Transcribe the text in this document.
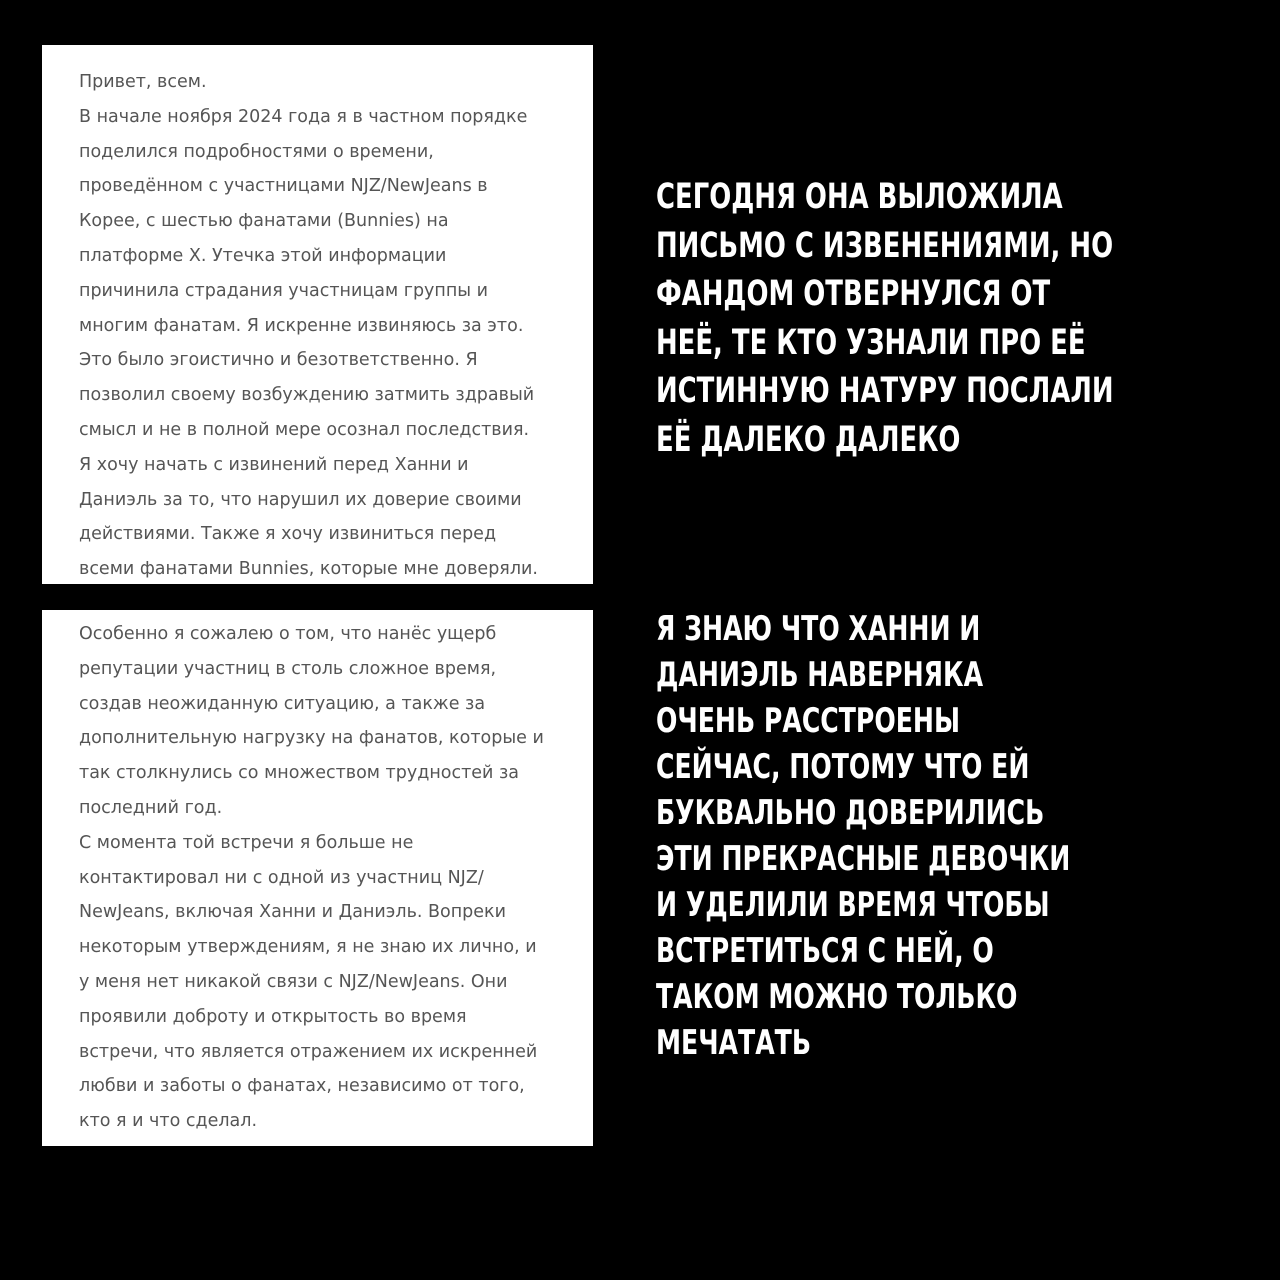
Привет, всем.
В начале ноября 2024 года я в частном порядке
поделился подробностями о времени,
проведённом с участницами NJZ/NewJeans в
Корее, с шестью фанатами (Bunnies) на
платформе X. Утечка этой информации
причинила страдания участницам группы и
многим фанатам. Я искренне извиняюсь за это.
Это было эгоистично и безответственно. Я
позволил своему возбуждению затмить здравый
смысл и не в полной мере осознал последствия.
Я хочу начать с извинений перед Ханни и
Даниэль за то, что нарушил их доверие своими
действиями. Также я хочу извиниться перед
всеми фанатами Bunnies, которые мне доверяли.
Особенно я сожалею о том, что нанёс ущерб
репутации участниц в столь сложное время,
создав неожиданную ситуацию, а также за
дополнительную нагрузку на фанатов, которые и
так столкнулись со множеством трудностей за
последний год.
С момента той встречи я больше не
контактировал ни с одной из участниц NJZ/
NewJeans, включая Ханни и Даниэль. Вопреки
некоторым утверждениям, я не знаю их лично, и
у меня нет никакой связи с NJZ/NewJeans. Они
проявили доброту и открытость во время
встречи, что является отражением их искренней
любви и заботы о фанатах, независимо от того,
кто я и что сделал.
СЕГОДНЯ ОНА ВЫЛОЖИЛА
ПИСЬМО С ИЗВЕНЕНИЯМИ, НО
ФАНДОМ ОТВЕРНУЛСЯ ОТ
НЕЁ, ТЕ КТО УЗНАЛИ ПРО ЕЁ
ИСТИННУЮ НАТУРУ ПОСЛАЛИ
ЕЁ ДАЛЕКО ДАЛЕКО
Я ЗНАЮ ЧТО ХАННИ И
ДАНИЭЛЬ НАВЕРНЯКА
ОЧЕНЬ РАССТРОЕНЫ
СЕЙЧАС, ПОТОМУ ЧТО ЕЙ
БУКВАЛЬНО ДОВЕРИЛИСЬ
ЭТИ ПРЕКРАСНЫЕ ДЕВОЧКИ
И УДЕЛИЛИ ВРЕМЯ ЧТОБЫ
ВСТРЕТИТЬСЯ С НЕЙ, О
ТАКОМ МОЖНО ТОЛЬКО
МЕЧАТАТЬ
